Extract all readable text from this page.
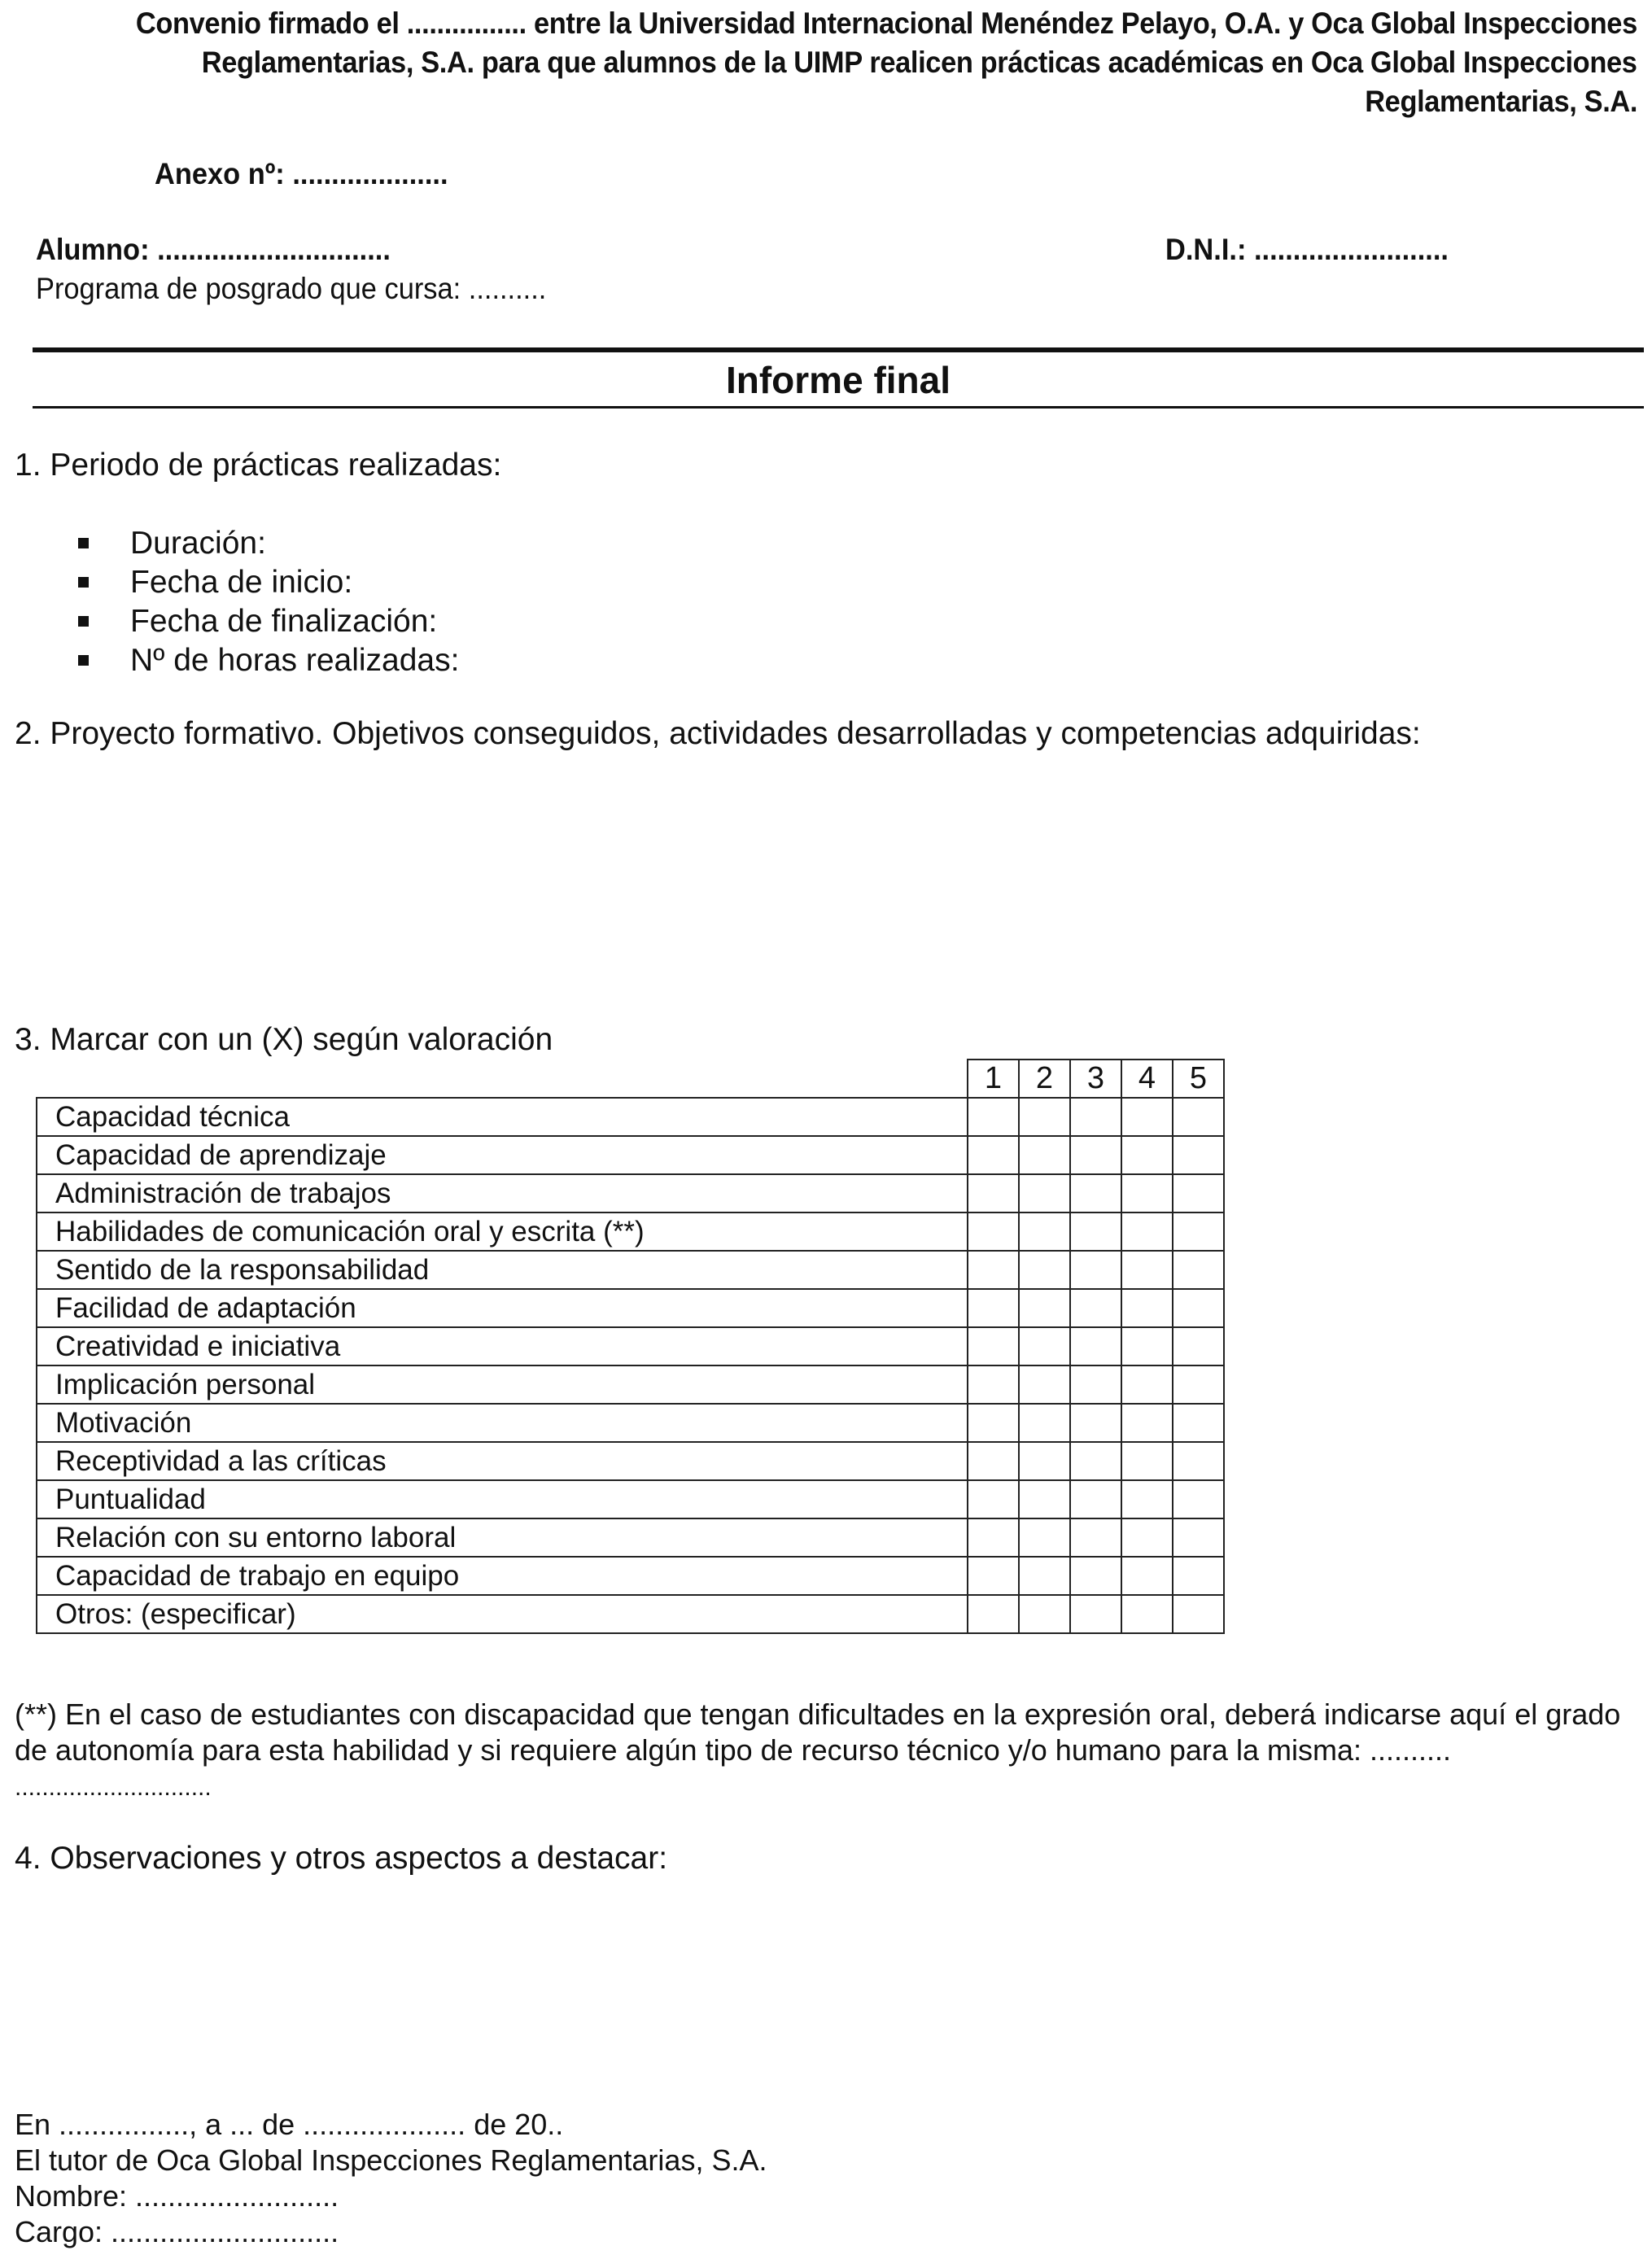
Convenio firmado el ................ entre la Universidad Internacional Menéndez Pelayo, O.A. y Oca Global Inspecciones
Reglamentarias, S.A. para que alumnos de la UIMP realicen prácticas académicas en Oca Global Inspecciones
Reglamentarias, S.A.
Anexo nº: ....................
Alumno: ..............................	D.N.I.: .........................
Programa de posgrado que cursa: ..........
Informe final
1. Periodo de prácticas realizadas:
Duración:
Fecha de inicio:
Fecha de finalización:
Nº de horas realizadas:
2. Proyecto formativo. Objetivos conseguidos, actividades desarrolladas y competencias adquiridas:
3. Marcar con un (X) según valoración
	1	2	3	4	5
Capacidad técnica					
Capacidad de aprendizaje					
Administración de trabajos					
Habilidades de comunicación oral y escrita (**)					
Sentido de la responsabilidad					
Facilidad de adaptación					
Creatividad e iniciativa					
Implicación personal					
Motivación					
Receptividad a las críticas					
Puntualidad					
Relación con su entorno laboral					
Capacidad de trabajo en equipo					
Otros: (especificar)					
(**) En el caso de estudiantes con discapacidad que tengan dificultades en la expresión oral, deberá indicarse aquí el grado de autonomía para esta habilidad y si requiere algún tipo de recurso técnico y/o humano para la misma: ..........
.............................
4. Observaciones y otros aspectos a destacar:
En ................, a ... de .................... de 20..
El tutor de Oca Global Inspecciones Reglamentarias, S.A.
Nombre: .........................
Cargo: ............................
